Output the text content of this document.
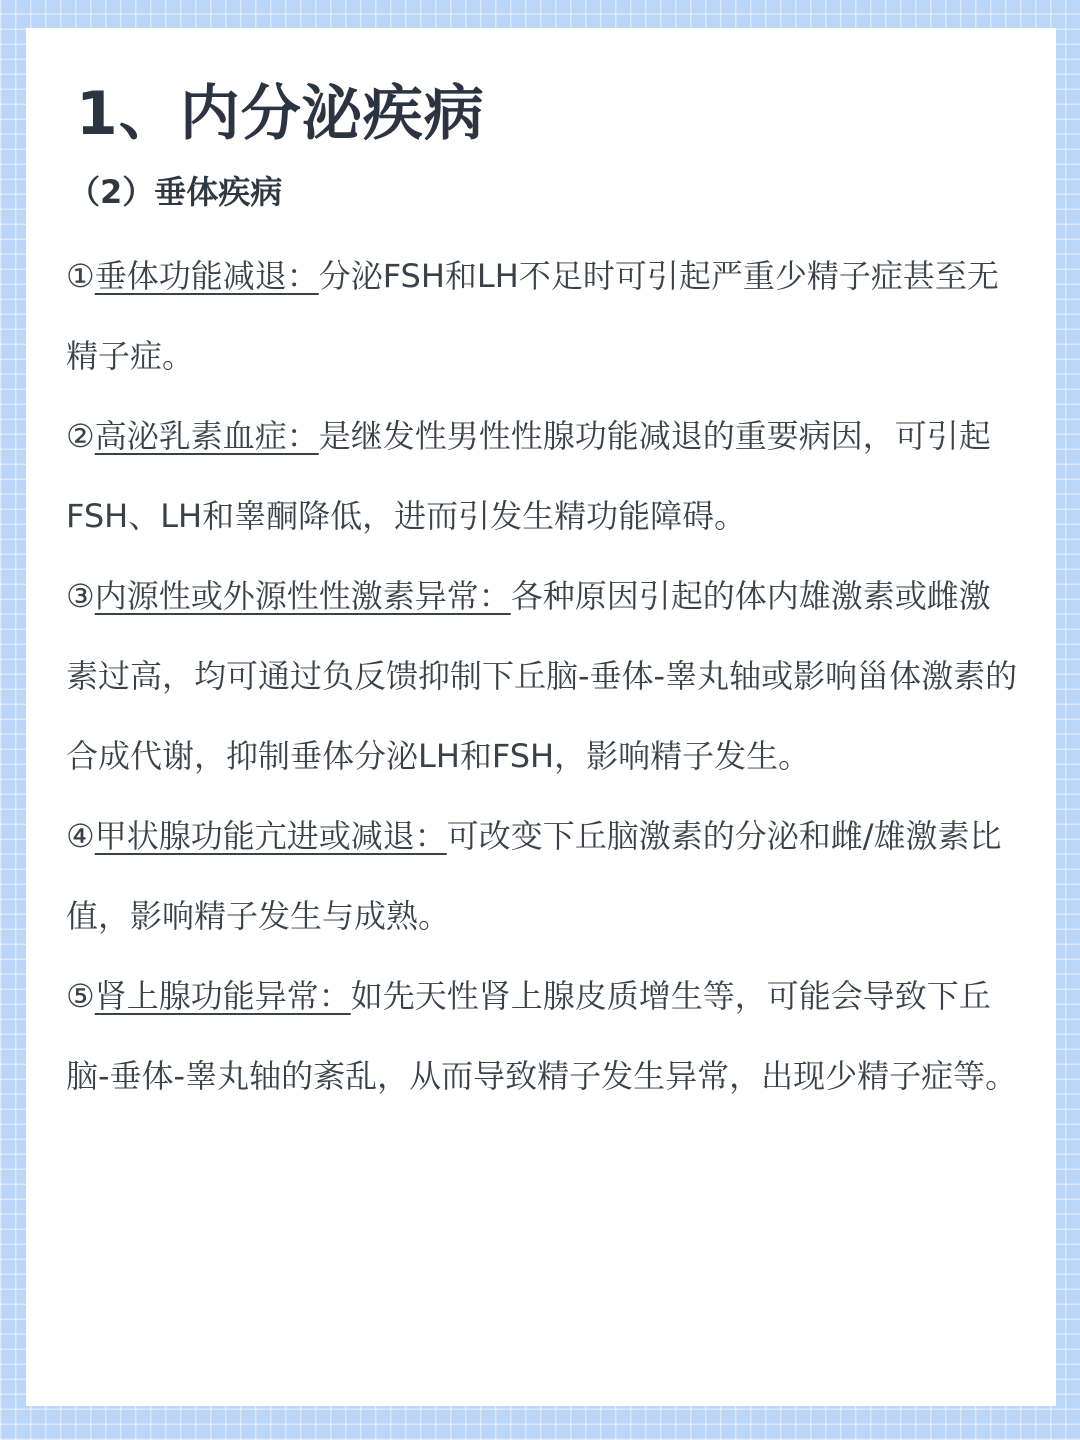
1、内分泌疾病
（2）垂体疾病

①垂体功能减退：分泌FSH和LH不足时可引起严重少精子症甚至无精子症。

②高泌乳素血症：是继发性男性性腺功能减退的重要病因，可引起FSH、LH和睾酮降低，进而引发生精功能障碍。

③内源性或外源性性激素异常：各种原因引起的体内雄激素或雌激素过高，均可通过负反馈抑制下丘脑-垂体-睾丸轴或影响甾体激素的合成代谢，抑制垂体分泌LH和FSH，影响精子发生。

④甲状腺功能亢进或减退：可改变下丘脑激素的分泌和雌/雄激素比值，影响精子发生与成熟。

⑤肾上腺功能异常：如先天性肾上腺皮质增生等，可能会导致下丘脑-垂体-睾丸轴的紊乱，从而导致精子发生异常，出现少精子症等。
